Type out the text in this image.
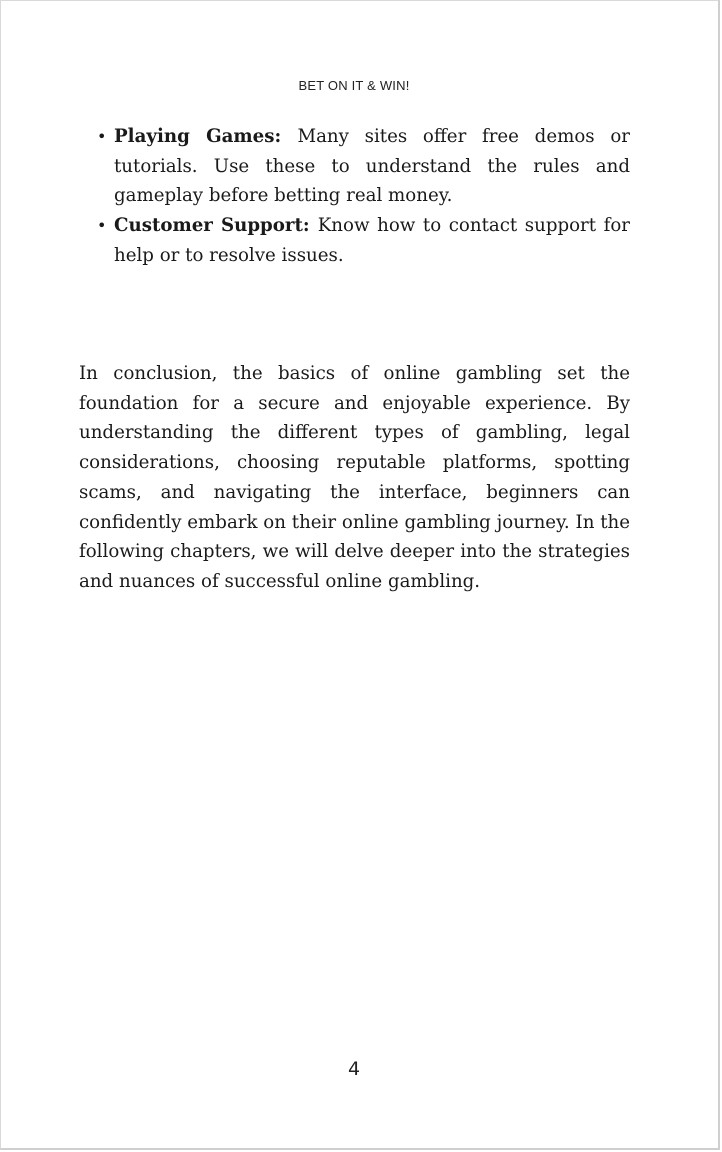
BET ON IT & WIN!
• Playing Games: Many sites offer free demos or tutorials. Use these to understand the rules and gameplay before betting real money.
• Customer Support: Know how to contact support for help or to resolve issues.

In conclusion, the basics of online gambling set the foundation for a secure and enjoyable experience. By understanding the different types of gambling, legal considerations, choosing reputable platforms, spotting scams, and navigating the interface, beginners can confidently embark on their online gambling journey. In the following chapters, we will delve deeper into the strategies and nuances of successful online gambling.

4
